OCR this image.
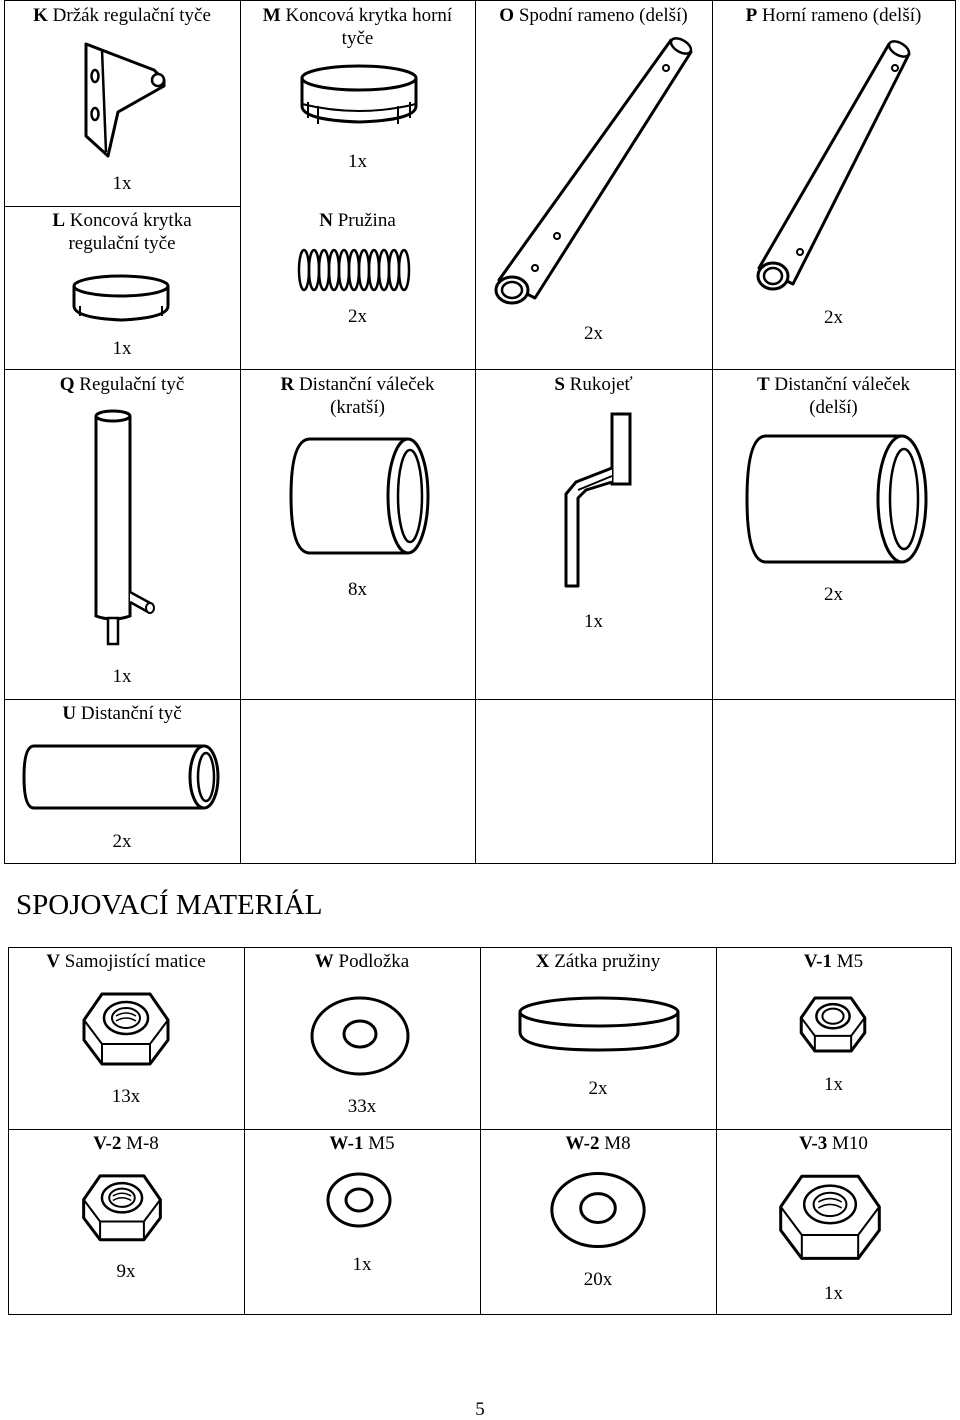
K Držák regulační tyče	M Koncová krytka horní
tyče
O Spodní rameno (delší)	P Horní rameno (delší)
1x
1x
2x
2x
L Koncová krytka
regulační tyče
1x
N Pružina
2x
Q Regulační tyč
1x
R Distanční váleček
(kratší)
8x
S Rukojeť
1x
T Distanční váleček
(delší)
2x
U Distanční tyč
2x
SPOJOVACÍ MATERIÁL
V Samojistící matice
13x
W Podložka
33x
X Zátka pružiny
2x
V-1 M5
1x
V-2 M-8
9x
W-1 M5
1x
W-2 M8
20x
V-3 M10
1x
5
